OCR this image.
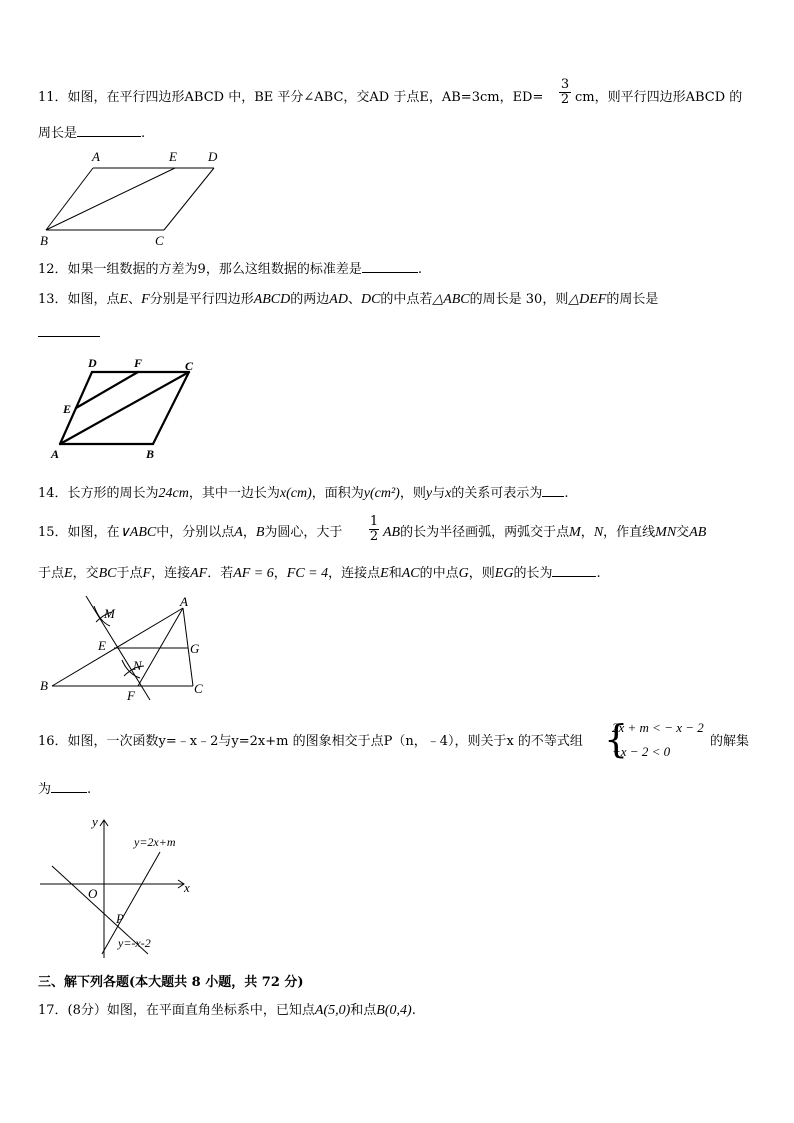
11．如图，在平行四边形ABCD 中，BE 平分∠ABC，交AD 于点E，AB=3cm，$ED= \frac{3}{2}$ cm，则平行四边形ABCD 的
周长是	.
A	E D
B	C
12．如果一组数据的方差为9，那么这组数据的标准差是	.
13．如图，点E、F分别是平行四边形ABCD的两边AD、DC的中点若△ABC的周长是 30，则△DEF的周长是
D	F	C
E
A	B
14．长方形的周长为24cm，其中一边长为x(cm)，面积为y(cm²)，则y与x的关系可表示为 .
15．如图，在∨ABC中，分别以点A，B为圆心，大于 $\frac{1}{2}$ AB的长为半径画弧，两弧交于点M，N，作直线MN交AB
于点E，交BC于点F，连接AF．若AF = 6，FC = 4，连接点E和AC的中点G，则EG的长为	.
A
M
E	G
N
B
F	C
16．如图，一次函数y=﹣x﹣2与y=2x+m 的图象相交于点P（n，﹣4），则关于x 的不等式组 {
2x + m < − x − 2
−x − 2 < 0
的解集
为	.
y
x
O
P
y=2x+m
y=-x-2
三、解下列各题(本大题共 8 小题，共 72 分)
17．(8分）如图，在平面直角坐标系中，已知点A(5,0)和点B(0,4).
